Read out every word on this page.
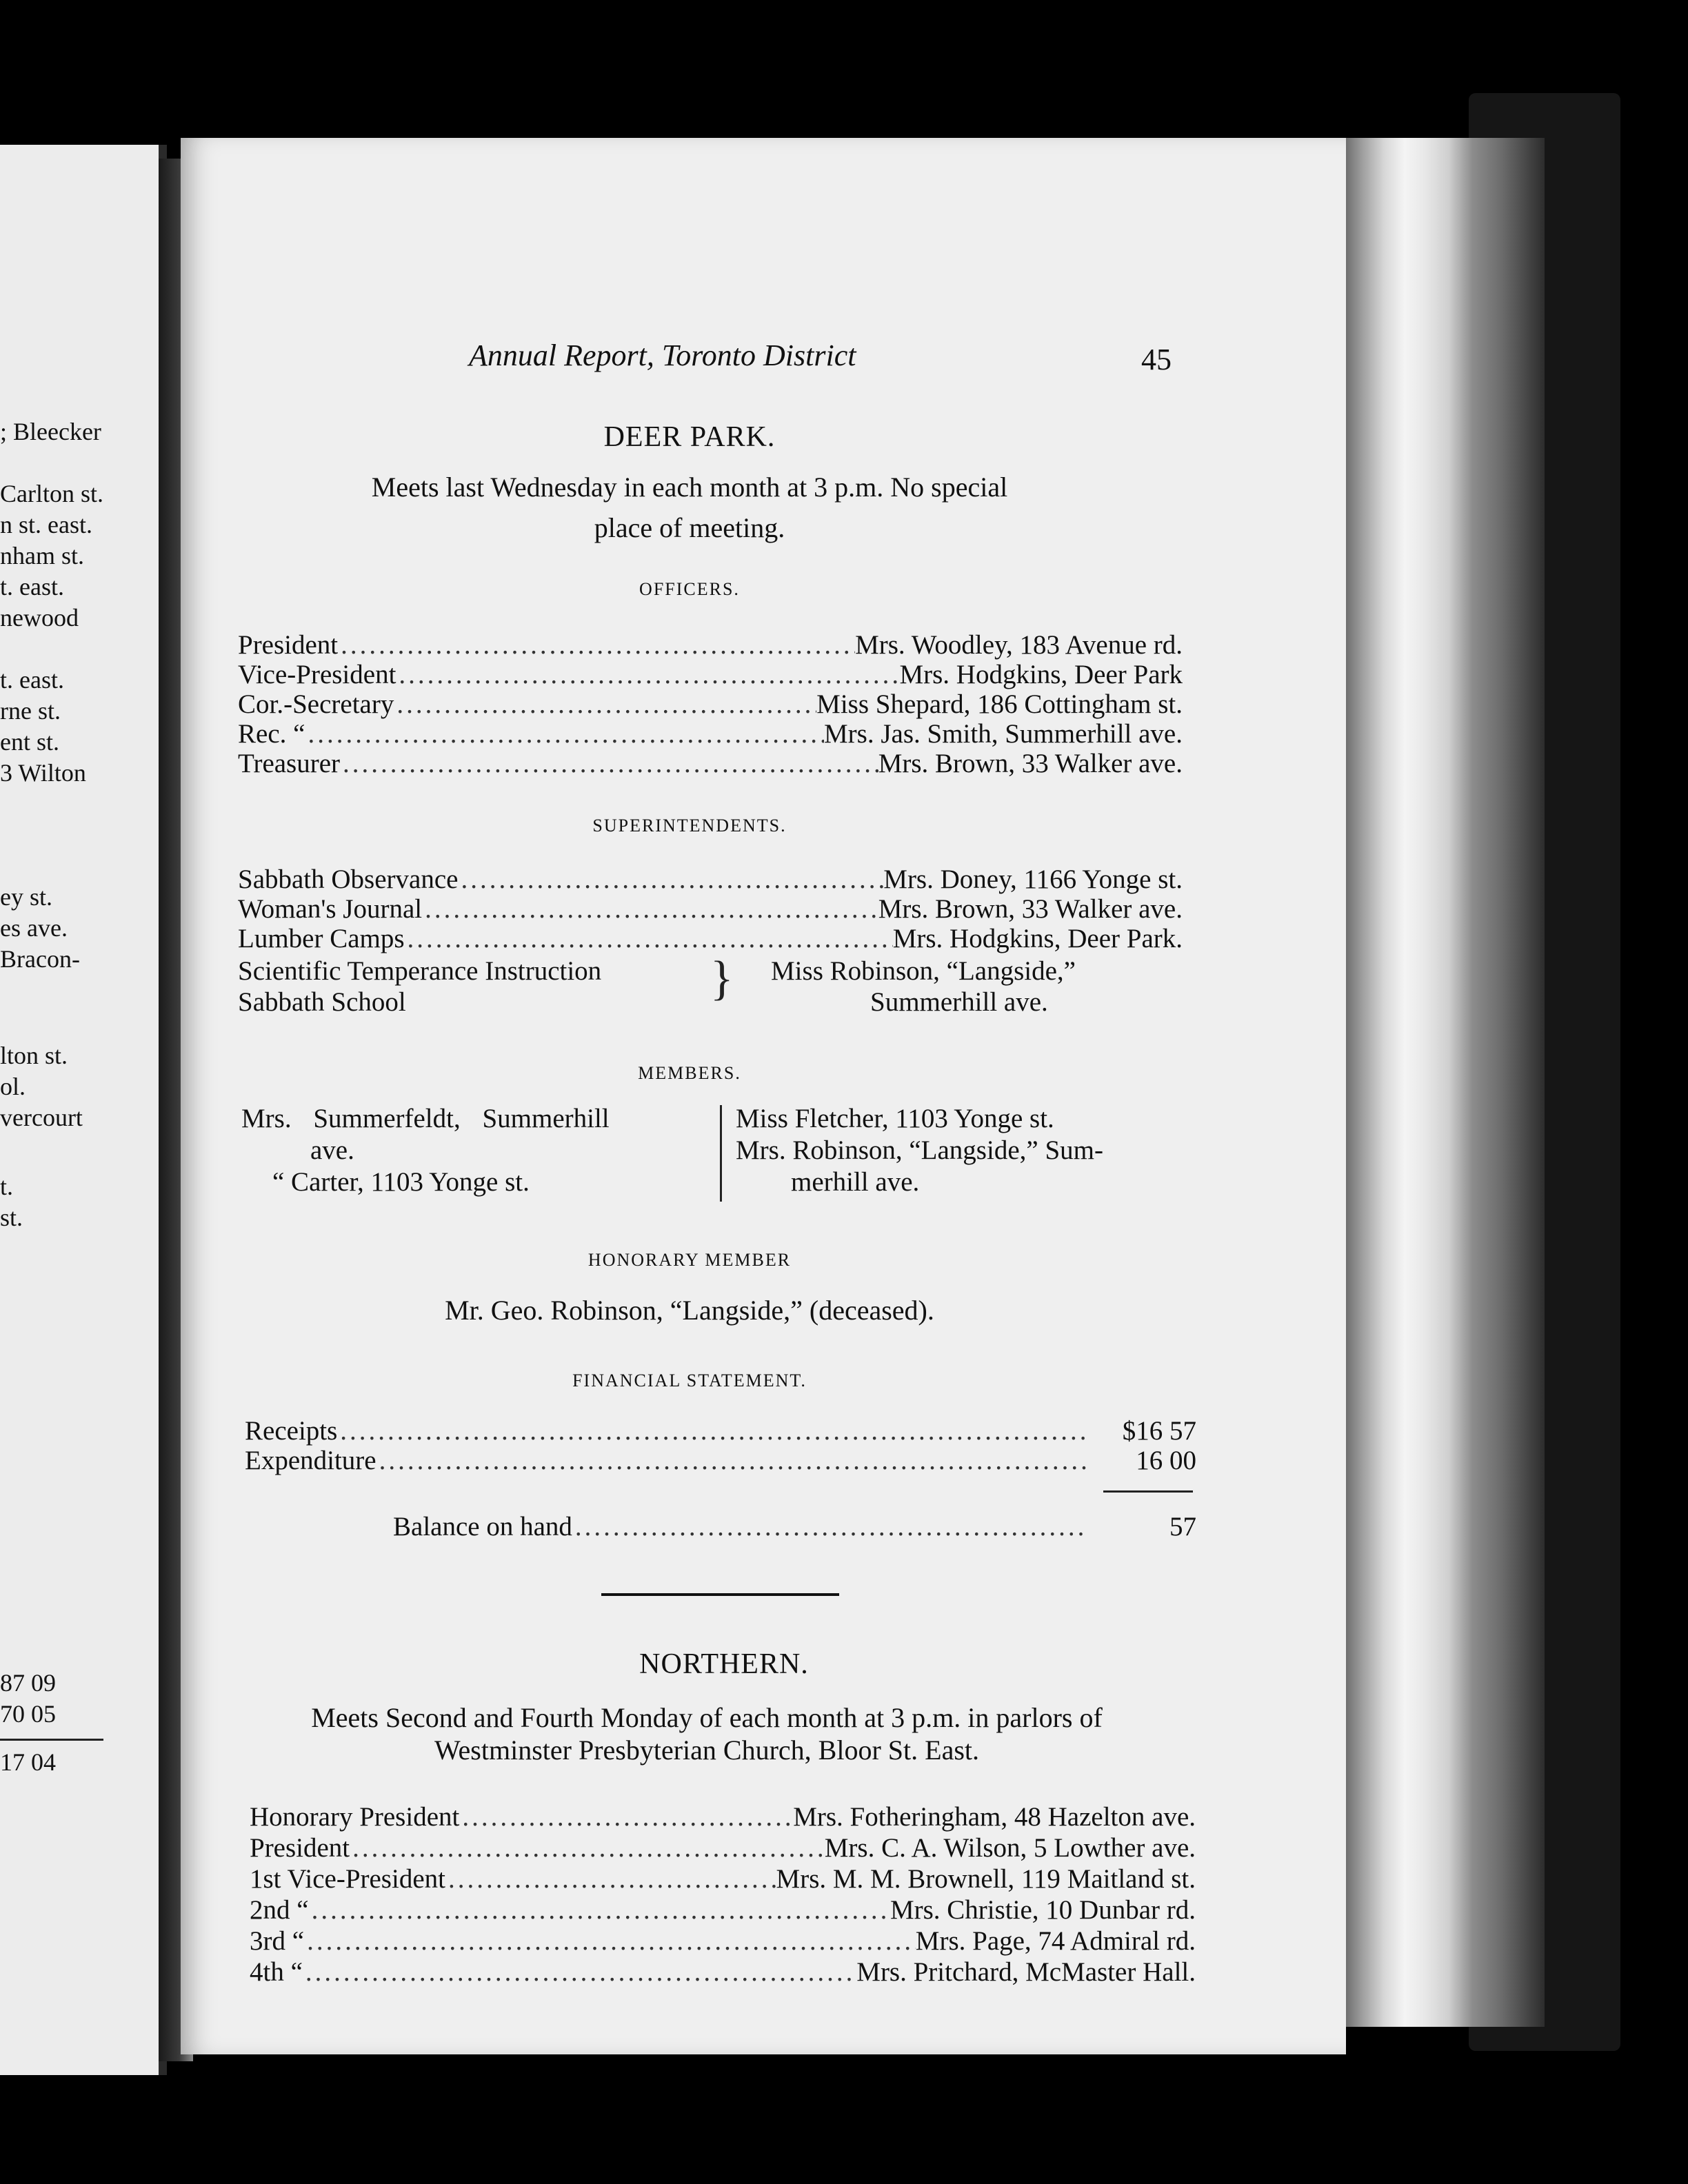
; Bleecker
Carlton st.
n st. east.
nham st.
t. east.
newood
t. east.
rne st.
ent st.
3 Wilton
ey st.
es ave.
Bracon-
lton st.
ol.
vercourt
t.
st.
87 09
70 05
17 04
Annual Report, Toronto District	45
DEER PARK.
Meets last Wednesday in each month at 3 p.m. No special
place of meeting.
OFFICERS.
President .....	Mrs. Woodley, 183 Avenue rd.
Vice-President .....	Mrs. Hodgkins, Deer Park
Cor.-Secretary .....	Miss Shepard, 186 Cottingham st.
Rec. “ .....	Mrs. Jas. Smith, Summerhill ave.
Treasurer .....	Mrs. Brown, 33 Walker ave.
SUPERINTENDENTS.
Sabbath Observance .....	Mrs. Doney, 1166 Yonge st.
Woman's Journal .....	Mrs. Brown, 33 Walker ave.
Lumber Camps .....	Mrs. Hodgkins, Deer Park.
Scientific Temperance Instruction
Sabbath School	} Miss Robinson, “Langside,”
Summerhill ave.
MEMBERS.
Mrs. Summerfeldt, Summerhill
ave.
“ Carter, 1103 Yonge st.
Miss Fletcher, 1103 Yonge st.
Mrs. Robinson, “Langside,” Sum-
merhill ave.
HONORARY MEMBER
Mr. Geo. Robinson, “Langside,” (deceased).
FINANCIAL STATEMENT.
Receipts .....	$16 57
Expenditure .....	16 00
Balance on hand .....	57
NORTHERN.
Meets Second and Fourth Monday of each month at 3 p.m. in parlors of
Westminster Presbyterian Church, Bloor St. East.
Honorary President .....	Mrs. Fotheringham, 48 Hazelton ave.
President .....	Mrs. C. A. Wilson, 5 Lowther ave.
1st Vice-President .....	Mrs. M. M. Brownell, 119 Maitland st.
2nd “ .....	Mrs. Christie, 10 Dunbar rd.
3rd “ .....	Mrs. Page, 74 Admiral rd.
4th “ .....	Mrs. Pritchard, McMaster Hall.
